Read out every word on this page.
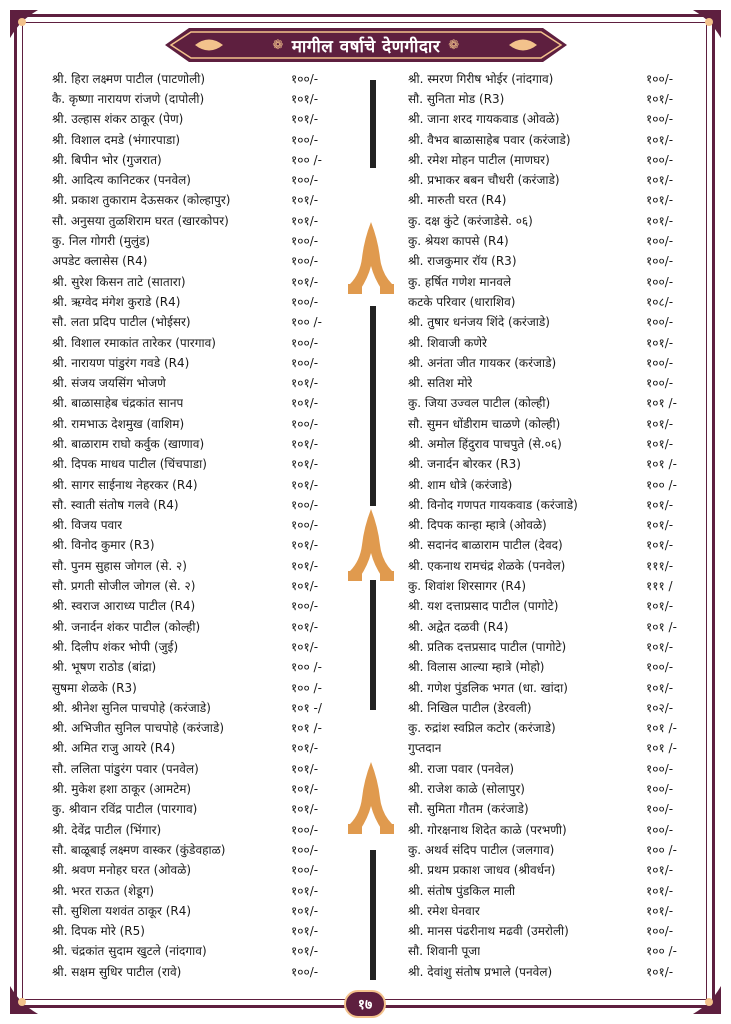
❁ मागील वर्षाचे देणगीदार ❁
श्री. हिरा लक्ष्मण पाटील (पाटणोली)	१००/-
कै. कृष्णा नारायण रांजणे (दापोली)	१०१/-
श्री. उल्हास शंकर ठाकूर (पेण)	१०१/-
श्री. विशाल दमडे (भंगारपाडा)	१००/-
श्री. बिपीन भोर (गुजरात)	१०० /-
श्री. आदित्य कानिटकर (पनवेल)	१००/-
श्री. प्रकाश तुकाराम देऊसकर (कोल्हापुर)	१०१/-
सौ. अनुसया तुळशिराम घरत (खारकोपर)	१०१/-
कु. निल गोगरी (मुलुंड)	१००/-
अपडेट क्लासेस (R4)	१००/-
श्री. सुरेश किसन ताटे (सातारा)	१०१/-
श्री. ऋग्वेद मंगेश कुराडे (R4)	१००/-
सौ. लता प्रदिप पाटील (भोईसर)	१०० /-
श्री. विशाल रमाकांत तारेकर (पारगाव)	१००/-
श्री. नारायण पांडुरंग गवडे (R4)	१००/-
श्री. संजय जयसिंग भोजणे	१०१/-
श्री. बाळासाहेब चंद्रकांत सानप	१०१/-
श्री. रामभाऊ देशमुख (वाशिम)	१००/-
श्री. बाळाराम राघो कर्वुक (खाणाव)	१०१/-
श्री. दिपक माधव पाटील (चिंचपाडा)	१०१/-
श्री. सागर साईनाथ नेहरकर (R4)	१०१/-
सौ. स्वाती संतोष गलवे (R4)	१००/-
श्री. विजय पवार	१००/-
श्री. विनोद कुमार (R3)	१०१/-
सौ. पुनम सुहास जोगल (से. २)	१०१/-
सौ. प्रगती सोजील जोगल (से. २)	१०१/-
श्री. स्वराज आराध्य पाटील (R4)	१००/-
श्री. जनार्दन शंकर पाटील (कोल्ही)	१०१/-
श्री. दिलीप शंकर भोपी (जुई)	१०१/-
श्री. भूषण राठोड (बांद्रा)	१०० /-
सुषमा शेळके (R3)	१०० /-
श्री. श्रीनेश सुनिल पाचपोहे (करंजाडे)	१०१ -/
श्री. अभिजीत सुनिल पाचपोहे (करंजाडे)	१०१ /-
श्री. अमित राजु आयरे (R4)	१०१/-
सौ. ललिता पांडुरंग पवार (पनवेल)	१०१/-
श्री. मुकेश हशा ठाकूर (आमटेम)	१०१/-
कु. श्रीवान रविंद्र पाटील (पारगाव)	१०१/-
श्री. देवेंद्र पाटील (भिंगार)	१००/-
सौ. बाळूबाई लक्ष्मण वास्कर (कुंडेवहाळ)	१००/-
श्री. श्रवण मनोहर घरत (ओवळे)	१००/-
श्री. भरत राऊत (शेडूग)	१०१/-
सौ. सुशिला यशवंत ठाकूर (R4)	१०१/-
श्री. दिपक मोरे (R5)	१०१/-
श्री. चंद्रकांत सुदाम खुटले (नांदगाव)	१०१/-
श्री. सक्षम सुधिर पाटील (रावे)	१००/-
श्री. स्मरण गिरीष भोईर (नांदगाव)	१००/-
सौ. सुनिता मोड (R3)	१०१/-
श्री. जाना शरद गायकवाड (ओवळे)	१००/-
श्री. वैभव बाळासाहेब पवार (करंजाडे)	१०१/-
श्री. रमेश मोहन पाटील (माणघर)	१००/-
श्री. प्रभाकर बबन चौधरी (करंजाडे)	१०१/-
श्री. मारुती घरत (R4)	१०१/-
कु. दक्ष कुंटे (करंजाडेसे. ०६)	१०१/-
कु. श्रेयश कापसे (R4)	१००/-
श्री. राजकुमार रॉय (R3)	१००/-
कु. हर्षित गणेश मानवले	१००/-
कटके परिवार (धाराशिव)	१०८/-
श्री. तुषार धनंजय शिंदे (करंजाडे)	१००/-
श्री. शिवाजी कणेरे	१०१/-
श्री. अनंता जीत गायकर (करंजाडे)	१००/-
श्री. सतिश मोरे	१००/-
कु. जिया उज्वल पाटील (कोल्ही)	१०१ /-
सौ. सुमन धोंडीराम चाळणे (कोल्ही)	१०१/-
श्री. अमोल हिंदुराव पाचपुते (से.०६)	१०१/-
श्री. जनार्दन बोरकर (R3)	१०१ /-
श्री. शाम धोत्रे (करंजाडे)	१०० /-
श्री. विनोद गणपत गायकवाड (करंजाडे)	१०१/-
श्री. दिपक कान्हा म्हात्रे (ओवळे)	१०१/-
श्री. सदानंद बाळाराम पाटील (देवद)	१०१/-
श्री. एकनाथ रामचंद्र शेळके (पनवेल)	१११/-
कु. शिवांश शिरसागर (R4)	१११ /
श्री. यश दत्ताप्रसाद पाटील (पागोटे)	१०१/-
श्री. अद्वेत दळवी (R4)	१०१ /-
श्री. प्रतिक दत्तप्रसाद पाटील (पागोटे)	१०१/-
श्री. विलास आल्या म्हात्रे (मोहो)	१००/-
श्री. गणेश पुंडलिक भगत (धा. खांदा)	१०१/-
श्री. निखिल पाटील (डेरवली)	१०२/-
कु. रुद्रांश स्वप्निल कटोर (करंजाडे)	१०१ /-
गुप्तदान	१०१ /-
श्री. राजा पवार (पनवेल)	१००/-
श्री. राजेश काळे (सोलापुर)	१००/-
सौ. सुमिता गौतम (करंजाडे)	१००/-
श्री. गोरक्षनाथ शिदेत काळे (परभणी)	१००/-
कु. अथर्व संदिप पाटील (जलगाव)	१०० /-
श्री. प्रथम प्रकाश जाधव (श्रीवर्धन)	१०१/-
श्री. संतोष पुंडकिल माली	१०१/-
श्री. रमेश घेनवार	१०१/-
श्री. मानस पंढरीनाथ मढवी (उमरोली)	१००/-
सौ. शिवानी पूजा	१०० /-
श्री. देवांशु संतोष प्रभाले (पनवेल)	१०१/-
१७
